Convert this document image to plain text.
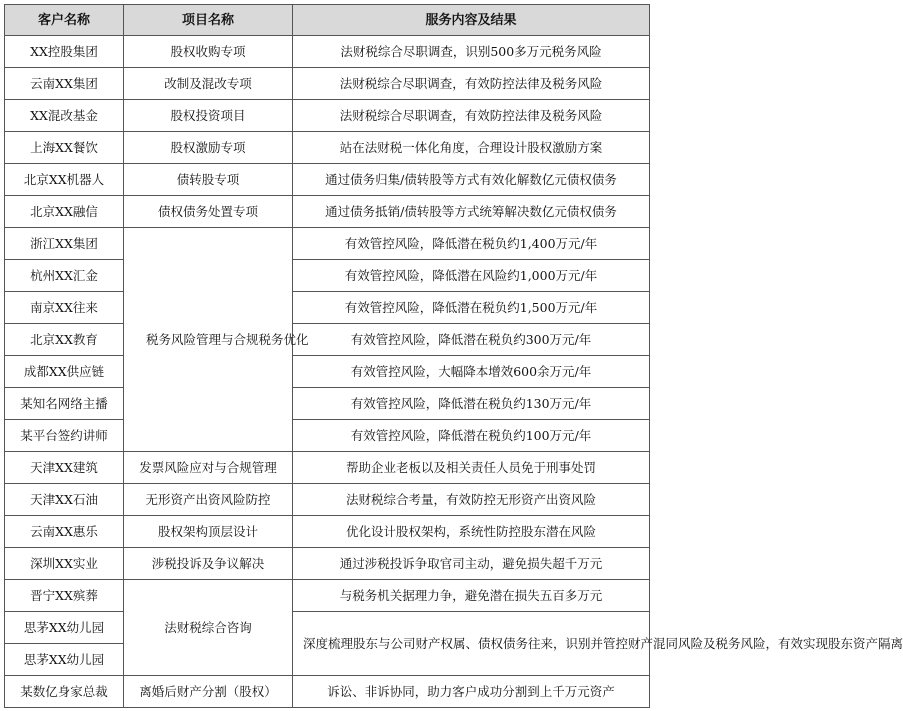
客户名称	项目名称	服务内容及结果
XX控股集团	股权收购专项	法财税综合尽职调查，识别500多万元税务风险
云南XX集团	改制及混改专项	法财税综合尽职调查，有效防控法律及税务风险
XX混改基金	股权投资项目	法财税综合尽职调查，有效防控法律及税务风险
上海XX餐饮	股权激励专项	站在法财税一体化角度，合理设计股权激励方案
北京XX机器人	债转股专项	通过债务归集/债转股等方式有效化解数亿元债权债务
北京XX融信	债权债务处置专项	通过债务抵销/债转股等方式统筹解决数亿元债权债务
浙江XX集团	税务风险管理与合规税务优化	有效管控风险，降低潜在税负约1,400万元/年
杭州XX汇金		有效管控风险，降低潜在风险约1,000万元/年
南京XX往来		有效管控风险，降低潜在税负约1,500万元/年
北京XX教育		有效管控风险，降低潜在税负约300万元/年
成都XX供应链		有效管控风险，大幅降本增效600余万元/年
某知名网络主播		有效管控风险，降低潜在税负约130万元/年
某平台签约讲师		有效管控风险，降低潜在税负约100万元/年
天津XX建筑	发票风险应对与合规管理	帮助企业老板以及相关责任人员免于刑事处罚
天津XX石油	无形资产出资风险防控	法财税综合考量，有效防控无形资产出资风险
云南XX惠乐	股权架构顶层设计	优化设计股权架构，系统性防控股东潜在风险
深圳XX实业	涉税投诉及争议解决	通过涉税投诉争取官司主动，避免损失超千万元
晋宁XX殡葬	法财税综合咨询	与税务机关据理力争，避免潜在损失五百多万元
思茅XX幼儿园		深度梳理股东与公司财产权属、债权债务往来，识别并管控财产混同风险及税务风险，有效实现股东资产隔离
思茅XX幼儿园		
某数亿身家总裁	离婚后财产分割（股权）	诉讼、非诉协同，助力客户成功分割到上千万元资产
